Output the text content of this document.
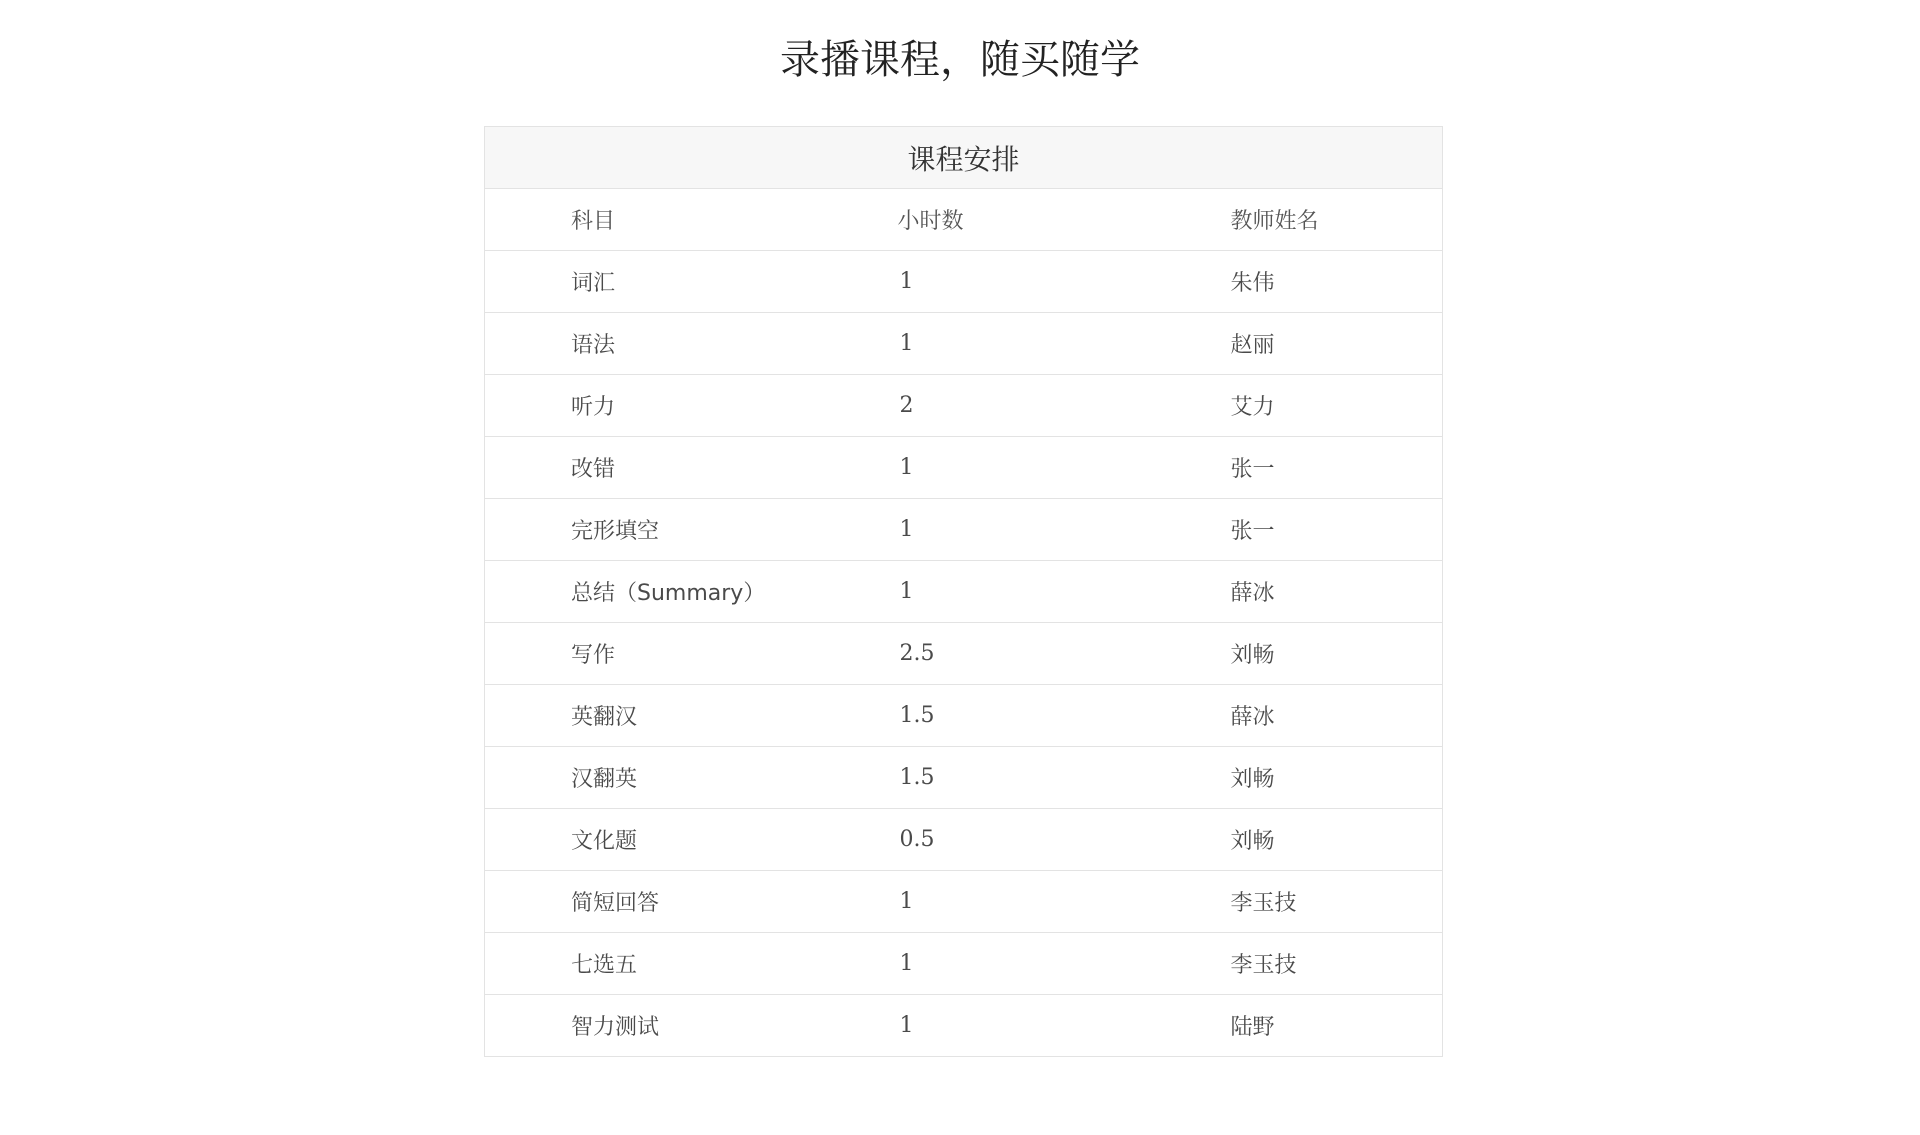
录播课程，随买随学
课程安排		
科目	小时数	教师姓名
词汇	1	朱伟
语法	1	赵丽
听力	2	艾力
改错	1	张一
完形填空	1	张一
总结（Summary）	1	薛冰
写作	2.5	刘畅
英翻汉	1.5	薛冰
汉翻英	1.5	刘畅
文化题	0.5	刘畅
简短回答	1	李玉技
七选五	1	李玉技
智力测试	1	陆野
